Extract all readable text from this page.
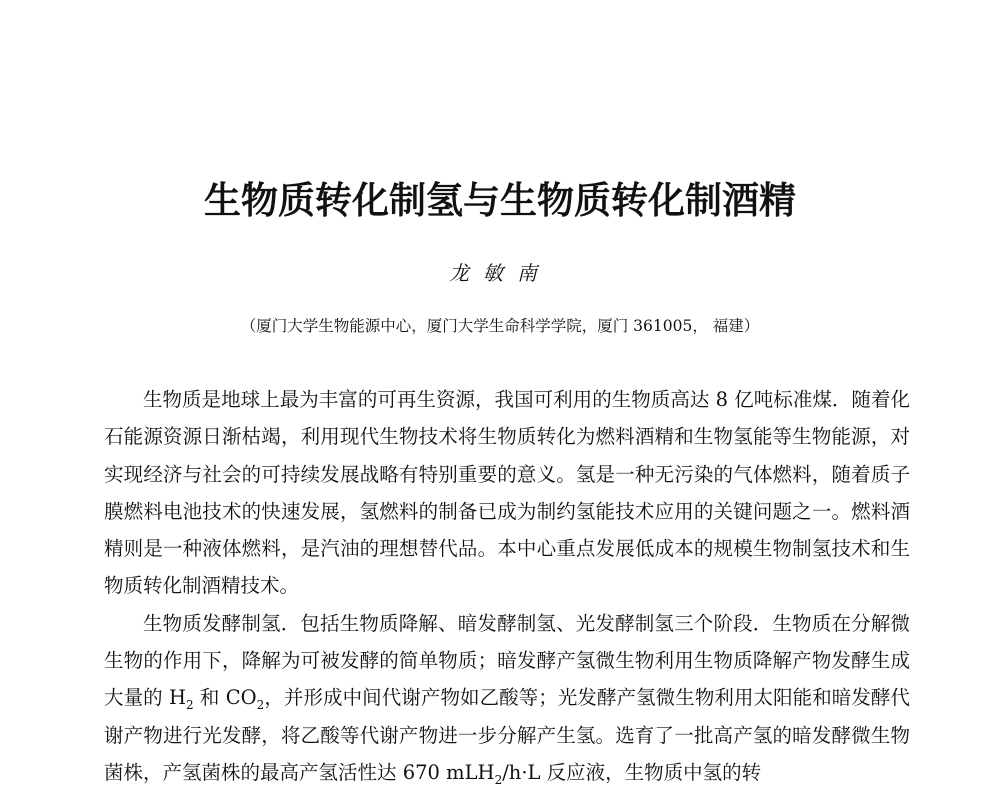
生物质转化制氢与生物质转化制酒精
龙敏南
（厦门大学生物能源中心，厦门大学生命科学学院，厦门 361005， 福建）

生物质是地球上最为丰富的可再生资源，我国可利用的生物质高达 8 亿吨标准煤．随着化石能源资源日渐枯竭，利用现代生物技术将生物质转化为燃料酒精和生物氢能等生物能源，对实现经济与社会的可持续发展战略有特别重要的意义。氢是一种无污染的气体燃料，随着质子膜燃料电池技术的快速发展，氢燃料的制备已成为制约氢能技术应用的关键问题之一。燃料酒精则是一种液体燃料，是汽油的理想替代品。本中心重点发展低成本的规模生物制氢技术和生物质转化制酒精技术。

生物质发酵制氢．包括生物质降解、暗发酵制氢、光发酵制氢三个阶段．生物质在分解微生物的作用下，降解为可被发酵的简单物质；暗发酵产氢微生物利用生物质降解产物发酵生成大量的 $H_2$ 和 $CO_2$，并形成中间代谢产物如乙酸等；光发酵产氢微生物利用太阳能和暗发酵代谢产物进行光发酵，将乙酸等代谢产物进一步分解产生氢。选育了一批高产氢的暗发酵微生物菌株，产氢菌株的最高产氢活性达 670 mLH$_2$/h·L 反应液，生物质中氢的转
